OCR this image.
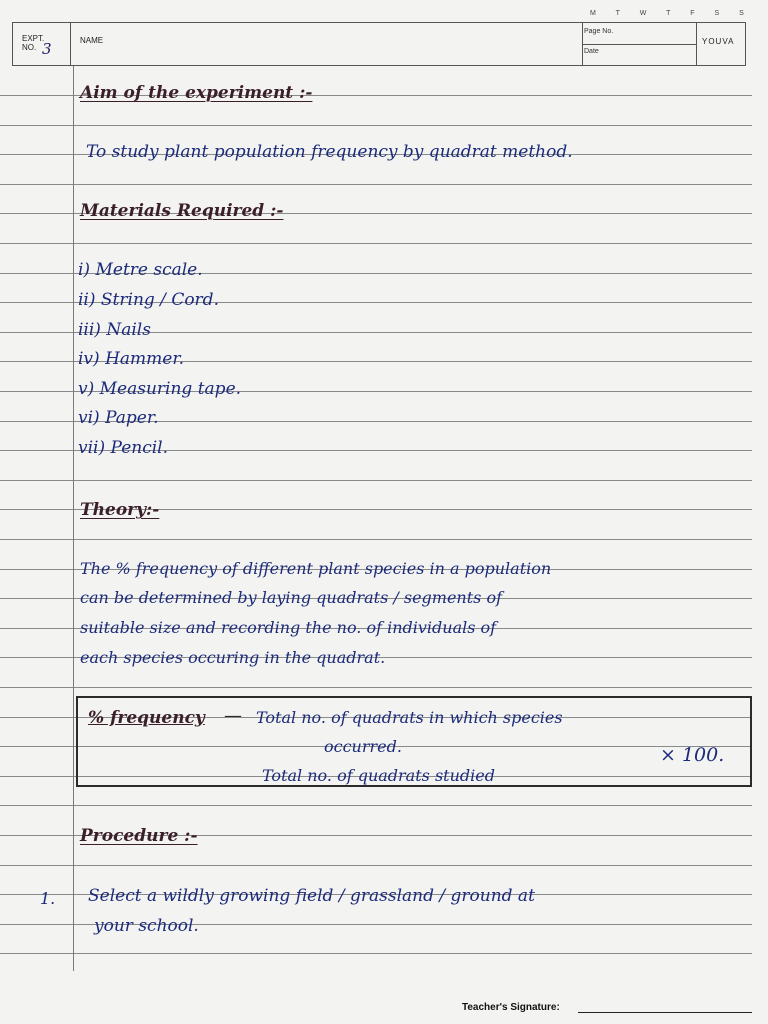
M T W T F S S
EXPT.
NO. 3	NAME
Page No.
Date
YOUVA
Aim of the experiment :-
To study plant population frequency by quadrat method.
Materials Required :-
i) Metre scale.
ii) String / Cord.
iii) Nails
iv) Hammer.
v) Measuring tape.
vi) Paper.
vii) Pencil.
Theory:-
The % frequency of different plant species in a population
can be determined by laying quadrats / segments of
suitable size and recording the no. of individuals of
each species occuring in the quadrat.
% frequency — Total no. of quadrats in which species
occurred.	× 100.
Total no. of quadrats studied
Procedure :-
1. Select a wildly growing field / grassland / ground at
your school.
Teacher's Signature:
